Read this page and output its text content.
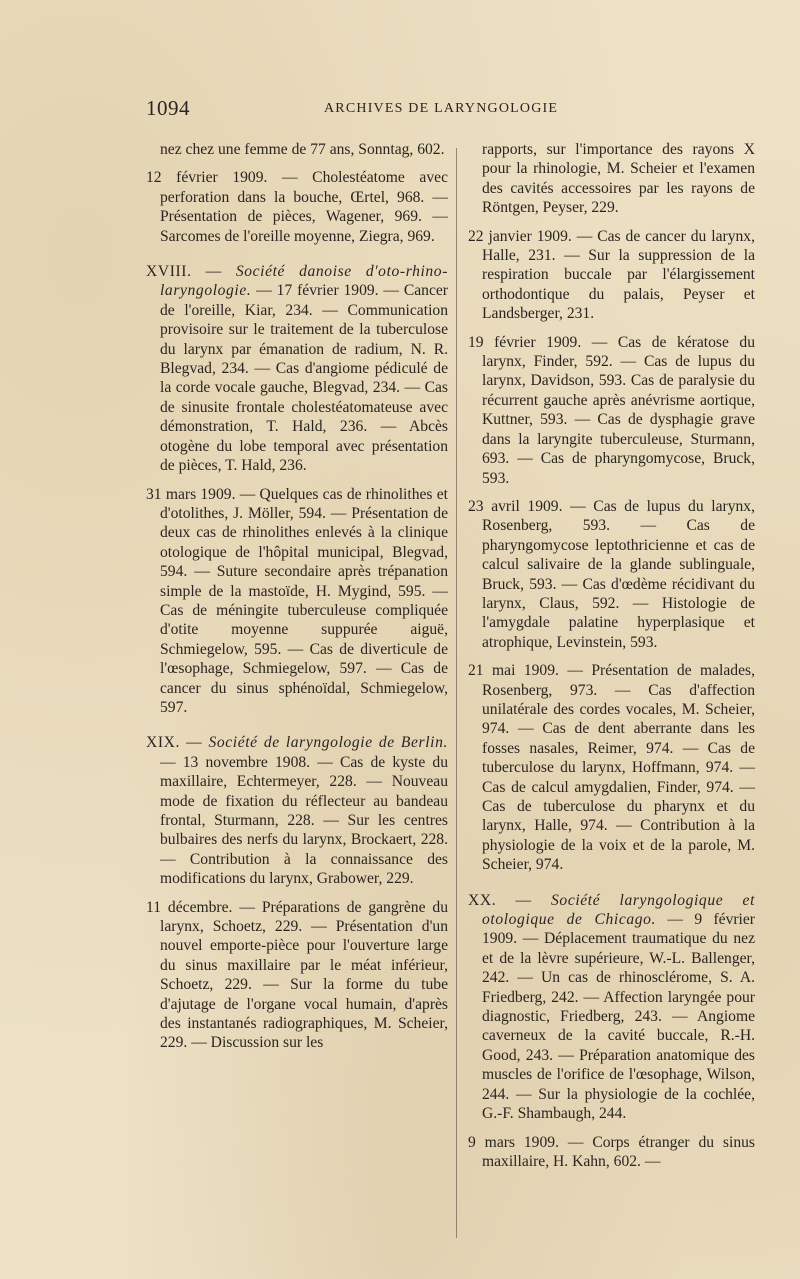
1094	ARCHIVES DE LARYNGOLOGIE

nez chez une femme de 77 ans, Sonntag, 602.

12 février 1909. — Cholestéatome avec perforation dans la bouche, Œrtel, 968. — Présentation de pièces, Wagener, 969. — Sarcomes de l'oreille moyenne, Ziegra, 969.

XVIII. — Société danoise d'oto-rhino-laryngologie. — 17 février 1909. — Cancer de l'oreille, Kiar, 234. — Communication provisoire sur le traitement de la tuberculose du larynx par émanation de radium, N. R. Blegvad, 234. — Cas d'angiome pédiculé de la corde vocale gauche, Blegvad, 234. — Cas de sinusite frontale cholestéatomateuse avec démonstration, T. Hald, 236. — Abcès otogène du lobe temporal avec présentation de pièces, T. Hald, 236.

31 mars 1909. — Quelques cas de rhinolithes et d'otolithes, J. Möller, 594. — Présentation de deux cas de rhinolithes enlevés à la clinique otologique de l'hôpital municipal, Blegvad, 594. — Suture secondaire après trépanation simple de la mastoïde, H. Mygind, 595. — Cas de méningite tuberculeuse compliquée d'otite moyenne suppurée aiguë, Schmiegelow, 595. — Cas de diverticule de l'œsophage, Schmiegelow, 597. — Cas de cancer du sinus sphénoïdal, Schmiegelow, 597.

XIX. — Société de laryngologie de Berlin. — 13 novembre 1908. — Cas de kyste du maxillaire, Echtermeyer, 228. — Nouveau mode de fixation du réflecteur au bandeau frontal, Sturmann, 228. — Sur les centres bulbaires des nerfs du larynx, Brockaert, 228. — Contribution à la connaissance des modifications du larynx, Grabower, 229.

11 décembre. — Préparations de gangrène du larynx, Schoetz, 229. — Présentation d'un nouvel emporte-pièce pour l'ouverture large du sinus maxillaire par le méat inférieur, Schoetz, 229. — Sur la forme du tube d'ajutage de l'organe vocal humain, d'après des instantanés radiographiques, M. Scheier, 229. — Discussion sur les

rapports, sur l'importance des rayons X pour la rhinologie, M. Scheier et l'examen des cavités accessoires par les rayons de Röntgen, Peyser, 229.

22 janvier 1909. — Cas de cancer du larynx, Halle, 231. — Sur la suppression de la respiration buccale par l'élargissement orthodontique du palais, Peyser et Landsberger, 231.

19 février 1909. — Cas de kératose du larynx, Finder, 592. — Cas de lupus du larynx, Davidson, 593. Cas de paralysie du récurrent gauche après anévrisme aortique, Kuttner, 593. — Cas de dysphagie grave dans la laryngite tuberculeuse, Sturmann, 693. — Cas de pharyngomycose, Bruck, 593.

23 avril 1909. — Cas de lupus du larynx, Rosenberg, 593. — Cas de pharyngomycose leptothricienne et cas de calcul salivaire de la glande sublinguale, Bruck, 593. — Cas d'œdème récidivant du larynx, Claus, 592. — Histologie de l'amygdale palatine hyperplasique et atrophique, Levinstein, 593.

21 mai 1909. — Présentation de malades, Rosenberg, 973. — Cas d'affection unilatérale des cordes vocales, M. Scheier, 974. — Cas de dent aberrante dans les fosses nasales, Reimer, 974. — Cas de tuberculose du larynx, Hoffmann, 974. — Cas de calcul amygdalien, Finder, 974. — Cas de tuberculose du pharynx et du larynx, Halle, 974. — Contribution à la physiologie de la voix et de la parole, M. Scheier, 974.

XX. — Société laryngologique et otologique de Chicago. — 9 février 1909. — Déplacement traumatique du nez et de la lèvre supérieure, W.-L. Ballenger, 242. — Un cas de rhinosclérome, S. A. Friedberg, 242. — Affection laryngée pour diagnostic, Friedberg, 243. — Angiome caverneux de la cavité buccale, R.-H. Good, 243. — Préparation anatomique des muscles de l'orifice de l'œsophage, Wilson, 244. — Sur la physiologie de la cochlée, G.-F. Shambaugh, 244.

9 mars 1909. — Corps étranger du sinus maxillaire, H. Kahn, 602. —
